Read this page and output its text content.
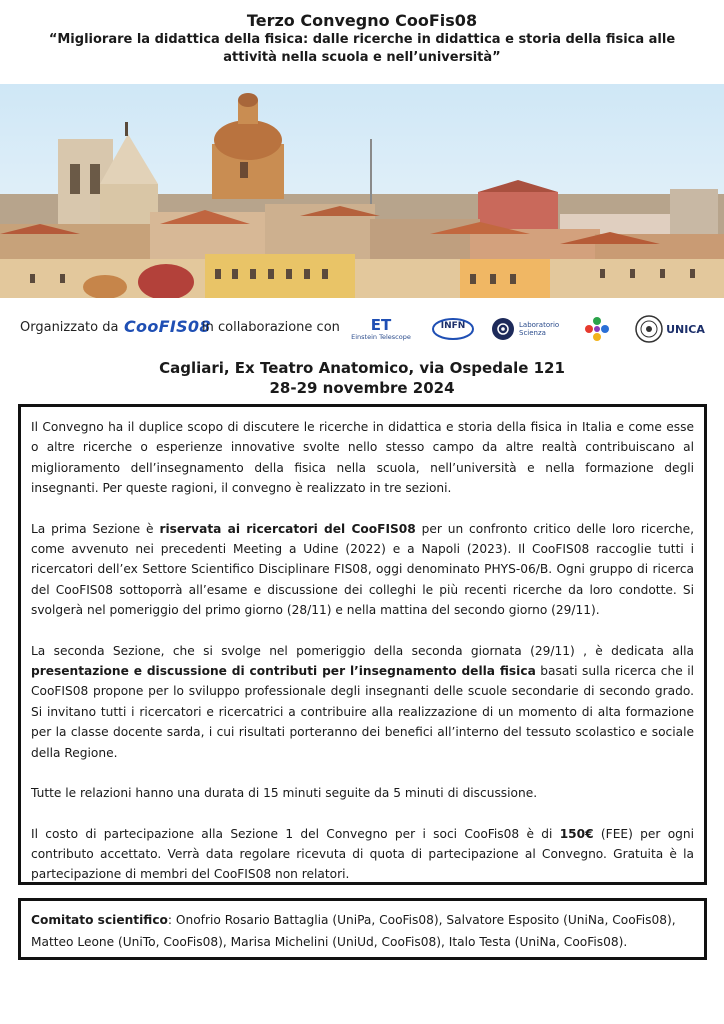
Terzo Convegno CooFis08
“Migliorare la didattica della fisica: dalle ricerche in didattica e storia della fisica alle attività nella scuola e nell’università”
Organizzato da CooFIS08
in collaborazione con ET
Einstein Telescope
INFN	Laboratorio Scienza	UNICA
Cagliari, Ex Teatro Anatomico, via Ospedale 121
28-29 novembre 2024

Il Convegno ha il duplice scopo di discutere le ricerche in didattica e storia della fisica in Italia e come esse o altre ricerche o esperienze innovative svolte nello stesso campo da altre realtà contribuiscano al miglioramento dell’insegnamento della fisica nella scuola, nell’università e nella formazione degli insegnanti. Per queste ragioni, il convegno è realizzato in tre sezioni.

La prima Sezione è riservata ai ricercatori del CooFIS08 per un confronto critico delle loro ricerche, come avvenuto nei precedenti Meeting a Udine (2022) e a Napoli (2023). Il CooFIS08 raccoglie tutti i ricercatori dell’ex Settore Scientifico Disciplinare FIS08, oggi denominato PHYS-06/B. Ogni gruppo di ricerca del CooFIS08 sottoporrà all’esame e discussione dei colleghi le più recenti ricerche da loro condotte. Si svolgerà nel pomeriggio del primo giorno (28/11) e nella mattina del secondo giorno (29/11).

La seconda Sezione, che si svolge nel pomeriggio della seconda giornata (29/11) , è dedicata alla presentazione e discussione di contributi per l’insegnamento della fisica basati sulla ricerca che il CooFIS08 propone per lo sviluppo professionale degli insegnanti delle scuole secondarie di secondo grado. Si invitano tutti i ricercatori e ricercatrici a contribuire alla realizzazione di un momento di alta formazione per la classe docente sarda, i cui risultati porteranno dei benefici all’interno del tessuto scolastico e sociale della Regione.

Tutte le relazioni hanno una durata di 15 minuti seguite da 5 minuti di discussione.

Il costo di partecipazione alla Sezione 1 del Convegno per i soci CooFis08 è di 150€ (FEE) per ogni contributo accettato. Verrà data regolare ricevuta di quota di partecipazione al Convegno. Gratuita è la partecipazione di membri del CooFIS08 non relatori.

Comitato scientifico: Onofrio Rosario Battaglia (UniPa, CooFis08), Salvatore Esposito (UniNa, CooFis08), Matteo Leone (UniTo, CooFis08), Marisa Michelini (UniUd, CooFis08), Italo Testa (UniNa, CooFis08).
